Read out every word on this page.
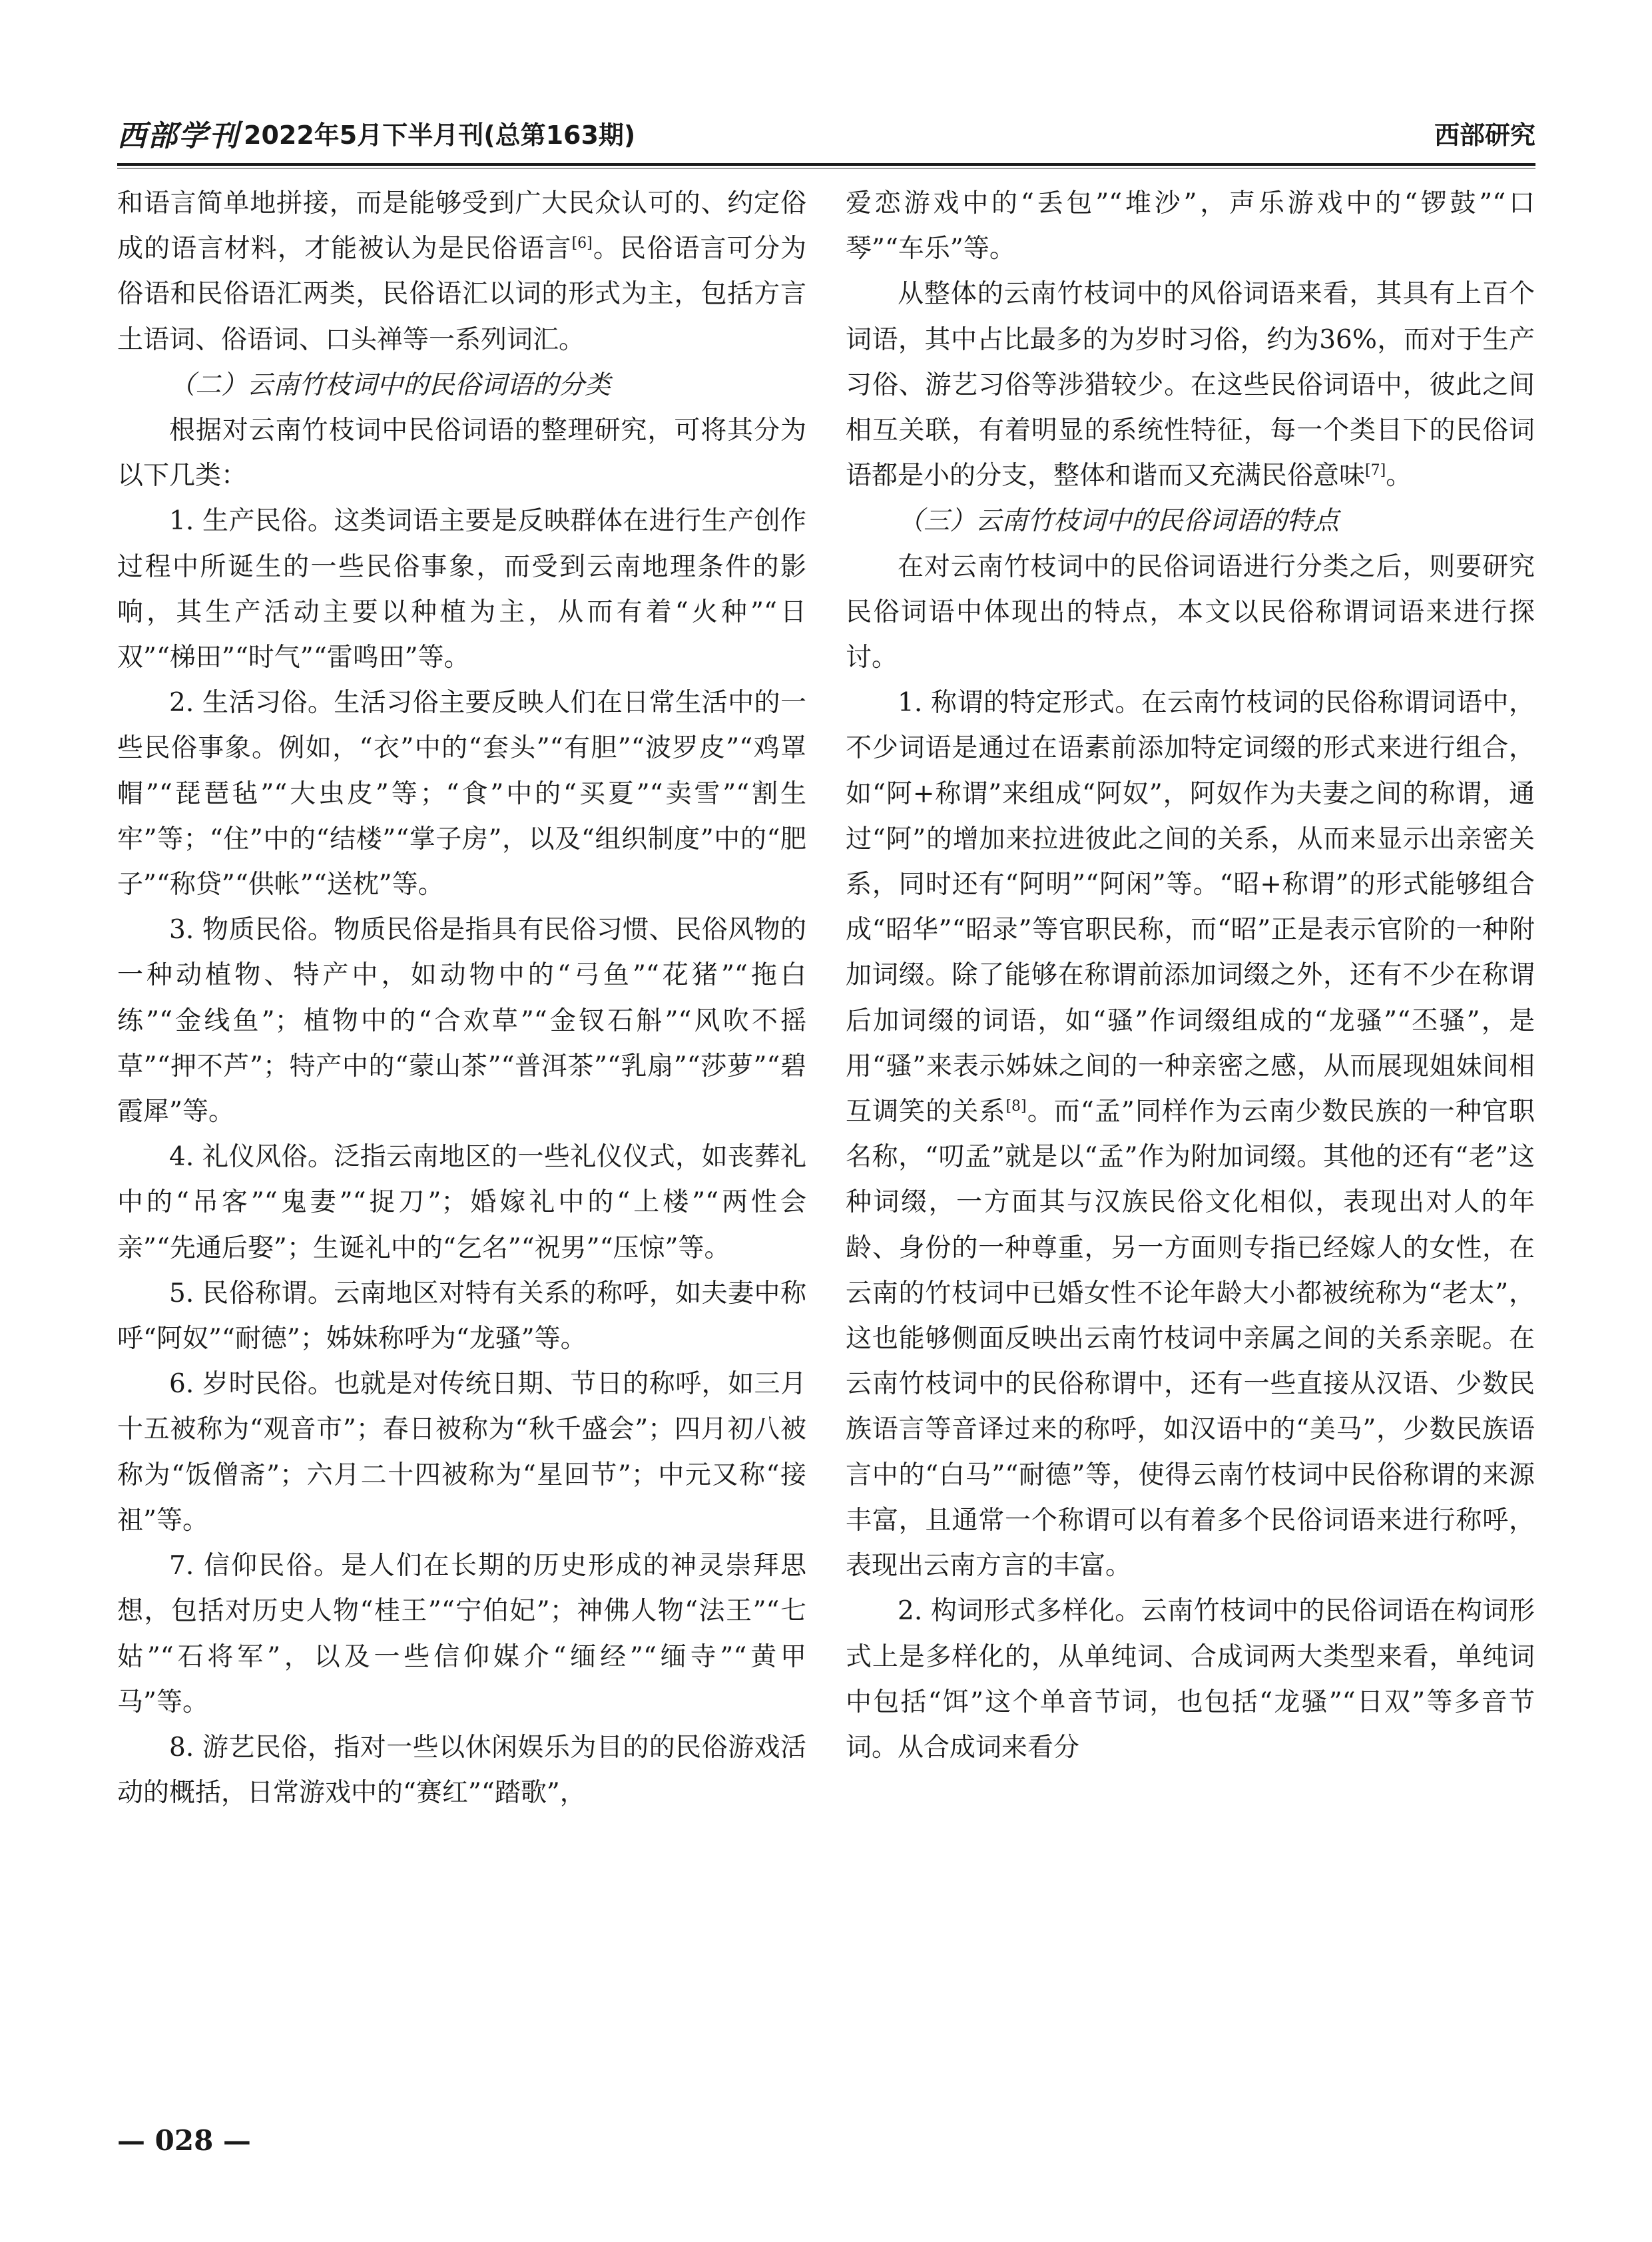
西部学刊 2022年5月下半月刊(总第163期)	西部研究

和语言简单地拼接，而是能够受到广大民众认可的、约定俗成的语言材料，才能被认为是民俗语言[6]。民俗语言可分为俗语和民俗语汇两类，民俗语汇以词的形式为主，包括方言土语词、俗语词、口头禅等一系列词汇。

（二）云南竹枝词中的民俗词语的分类

根据对云南竹枝词中民俗词语的整理研究，可将其分为以下几类：

1. 生产民俗。这类词语主要是反映群体在进行生产创作过程中所诞生的一些民俗事象，而受到云南地理条件的影响，其生产活动主要以种植为主，从而有着“火种”“日双”“梯田”“时气”“雷鸣田”等。

2. 生活习俗。生活习俗主要反映人们在日常生活中的一些民俗事象。例如，“衣”中的“套头”“有胆”“波罗皮”“鸡罩帽”“琵琶毡”“大虫皮”等；“食”中的“买夏”“卖雪”“割生牢”等；“住”中的“结楼”“掌子房”，以及“组织制度”中的“肥子”“称贷”“供帐”“送枕”等。

3. 物质民俗。物质民俗是指具有民俗习惯、民俗风物的一种动植物、特产中，如动物中的“弓鱼”“花猪”“拖白练”“金线鱼”；植物中的“合欢草”“金钗石斛”“风吹不摇草”“押不芦”；特产中的“蒙山茶”“普洱茶”“乳扇”“莎萝”“碧霞犀”等。

4. 礼仪风俗。泛指云南地区的一些礼仪仪式，如丧葬礼中的“吊客”“鬼妻”“捉刀”；婚嫁礼中的“上楼”“两性会亲”“先通后娶”；生诞礼中的“乞名”“祝男”“压惊”等。

5. 民俗称谓。云南地区对特有关系的称呼，如夫妻中称呼“阿奴”“耐德”；姊妹称呼为“龙骚”等。

6. 岁时民俗。也就是对传统日期、节日的称呼，如三月十五被称为“观音市”；春日被称为“秋千盛会”；四月初八被称为“饭僧斋”；六月二十四被称为“星回节”；中元又称“接祖”等。

7. 信仰民俗。是人们在长期的历史形成的神灵崇拜思想，包括对历史人物“桂王”“宁伯妃”；神佛人物“法王”“七姑”“石将军”，以及一些信仰媒介“缅经”“缅寺”“黄甲马”等。

8. 游艺民俗，指对一些以休闲娱乐为目的的民俗游戏活动的概括，日常游戏中的“赛红”“踏歌”，

爱恋游戏中的“丢包”“堆沙”，声乐游戏中的“锣鼓”“口琴”“车乐”等。

从整体的云南竹枝词中的风俗词语来看，其具有上百个词语，其中占比最多的为岁时习俗，约为36%，而对于生产习俗、游艺习俗等涉猎较少。在这些民俗词语中，彼此之间相互关联，有着明显的系统性特征，每一个类目下的民俗词语都是小的分支，整体和谐而又充满民俗意味[7]。

（三）云南竹枝词中的民俗词语的特点

在对云南竹枝词中的民俗词语进行分类之后，则要研究民俗词语中体现出的特点，本文以民俗称谓词语来进行探讨。

1. 称谓的特定形式。在云南竹枝词的民俗称谓词语中，不少词语是通过在语素前添加特定词缀的形式来进行组合，如“阿+称谓”来组成“阿奴”，阿奴作为夫妻之间的称谓，通过“阿”的增加来拉进彼此之间的关系，从而来显示出亲密关系，同时还有“阿明”“阿闲”等。“昭+称谓”的形式能够组合成“昭华”“昭录”等官职民称，而“昭”正是表示官阶的一种附加词缀。除了能够在称谓前添加词缀之外，还有不少在称谓后加词缀的词语，如“骚”作词缀组成的“龙骚”“丕骚”，是用“骚”来表示姊妹之间的一种亲密之感，从而展现姐妹间相互调笑的关系[8]。而“孟”同样作为云南少数民族的一种官职名称，“叨孟”就是以“孟”作为附加词缀。其他的还有“老”这种词缀，一方面其与汉族民俗文化相似，表现出对人的年龄、身份的一种尊重，另一方面则专指已经嫁人的女性，在云南的竹枝词中已婚女性不论年龄大小都被统称为“老太”，这也能够侧面反映出云南竹枝词中亲属之间的关系亲昵。在云南竹枝词中的民俗称谓中，还有一些直接从汉语、少数民族语言等音译过来的称呼，如汉语中的“美马”，少数民族语言中的“白马”“耐德”等，使得云南竹枝词中民俗称谓的来源丰富，且通常一个称谓可以有着多个民俗词语来进行称呼，表现出云南方言的丰富。

2. 构词形式多样化。云南竹枝词中的民俗词语在构词形式上是多样化的，从单纯词、合成词两大类型来看，单纯词中包括“饵”这个单音节词，也包括“龙骚”“日双”等多音节词。从合成词来看分

— 028 —
